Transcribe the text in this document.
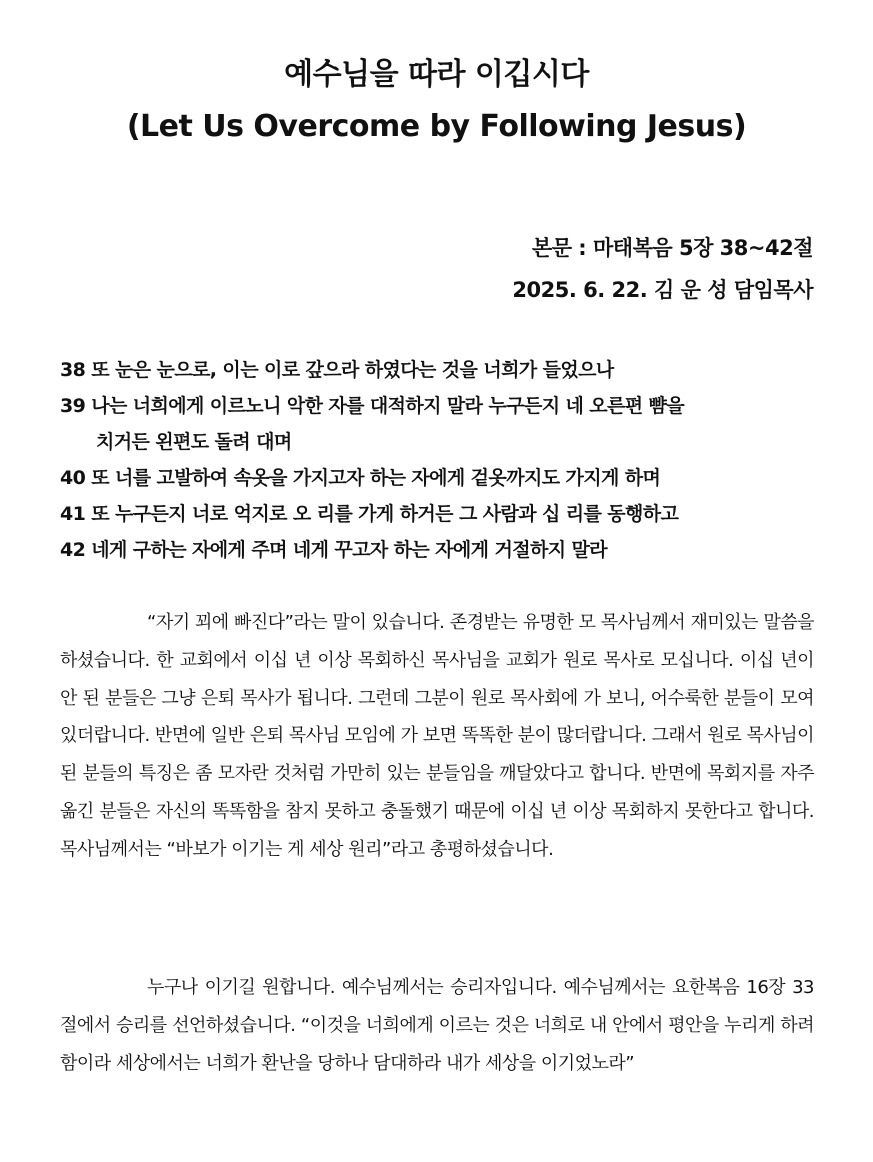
예수님을 따라 이깁시다
(Let Us Overcome by Following Jesus)
본문 : 마태복음 5장 38~42절
2025. 6. 22. 김 운 성 담임목사
38 또 눈은 눈으로, 이는 이로 갚으라 하였다는 것을 너희가 들었으나
39 나는 너희에게 이르노니 악한 자를 대적하지 말라 누구든지 네 오른편 뺨을
치거든 왼편도 돌려 대며
40 또 너를 고발하여 속옷을 가지고자 하는 자에게 겉옷까지도 가지게 하며
41 또 누구든지 너로 억지로 오 리를 가게 하거든 그 사람과 십 리를 동행하고
42 네게 구하는 자에게 주며 네게 꾸고자 하는 자에게 거절하지 말라
“자기 꾀에 빠진다”라는 말이 있습니다. 존경받는 유명한 모 목사님께서 재미있는 말씀을 하셨습니다. 한 교회에서 이십 년 이상 목회하신 목사님을 교회가 원로 목사로 모십니다. 이십 년이 안 된 분들은 그냥 은퇴 목사가 됩니다. 그런데 그분이 원로 목사회에 가 보니, 어수룩한 분들이 모여 있더랍니다. 반면에 일반 은퇴 목사님 모임에 가 보면 똑똑한 분이 많더랍니다. 그래서 원로 목사님이 된 분들의 특징은 좀 모자란 것처럼 가만히 있는 분들임을 깨달았다고 합니다. 반면에 목회지를 자주 옮긴 분들은 자신의 똑똑함을 참지 못하고 충돌했기 때문에 이십 년 이상 목회하지 못한다고 합니다. 목사님께서는 “바보가 이기는 게 세상 원리”라고 총평하셨습니다.
누구나 이기길 원합니다. 예수님께서는 승리자입니다. 예수님께서는 요한복음 16장 33절에서 승리를 선언하셨습니다. “이것을 너희에게 이르는 것은 너희로 내 안에서 평안을 누리게 하려 함이라 세상에서는 너희가 환난을 당하나 담대하라 내가 세상을 이기었노라”
